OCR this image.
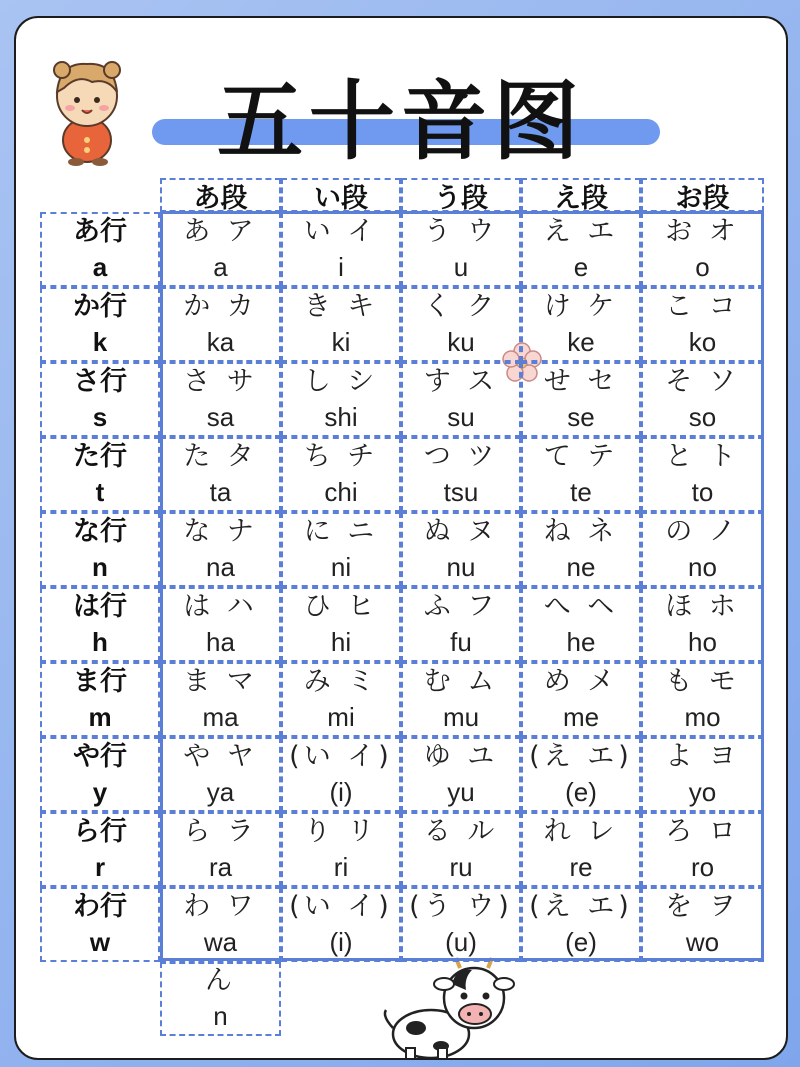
五十音图
あ段 い段 う段 え段	お段
あ行
a
あ ア
a
い イ
i
う ウ
u
え エ
e
お オ
o
か行
k
か カ
ka
き キ
ki
く ク
ku
け ケ
ke
こ コ
ko
さ行
s
さ サ
sa
し シ
shi
す ス
su
せ セ
se
そ ソ
so
た行
t
た タ
ta
ち チ
chi
つ ツ
tsu
て テ
te
と ト
to
な行
n
な ナ
na
に ニ
ni
ぬ ヌ
nu
ね ネ
ne
の ノ
no
は行
h
は ハ
ha
ひ ヒ
hi
ふ フ
fu
へ ヘ
he
ほ ホ
ho
ま行
m
ま マ
ma
み ミ
mi
む ム
mu
め メ
me
も モ
mo
や行
y
や ヤ
ya
(い イ)
(i)
ゆ ユ
yu
(え エ)
(e)
よ ヨ
yo
ら行
r
ら ラ
ra
り リ
ri
る ル
ru
れ レ
re
ろ ロ
ro
わ行
w
わ ワ
wa
(い イ)
(i)
(う ウ)
(u)
(え エ)
(e)
を ヲ
wo
ん
n
